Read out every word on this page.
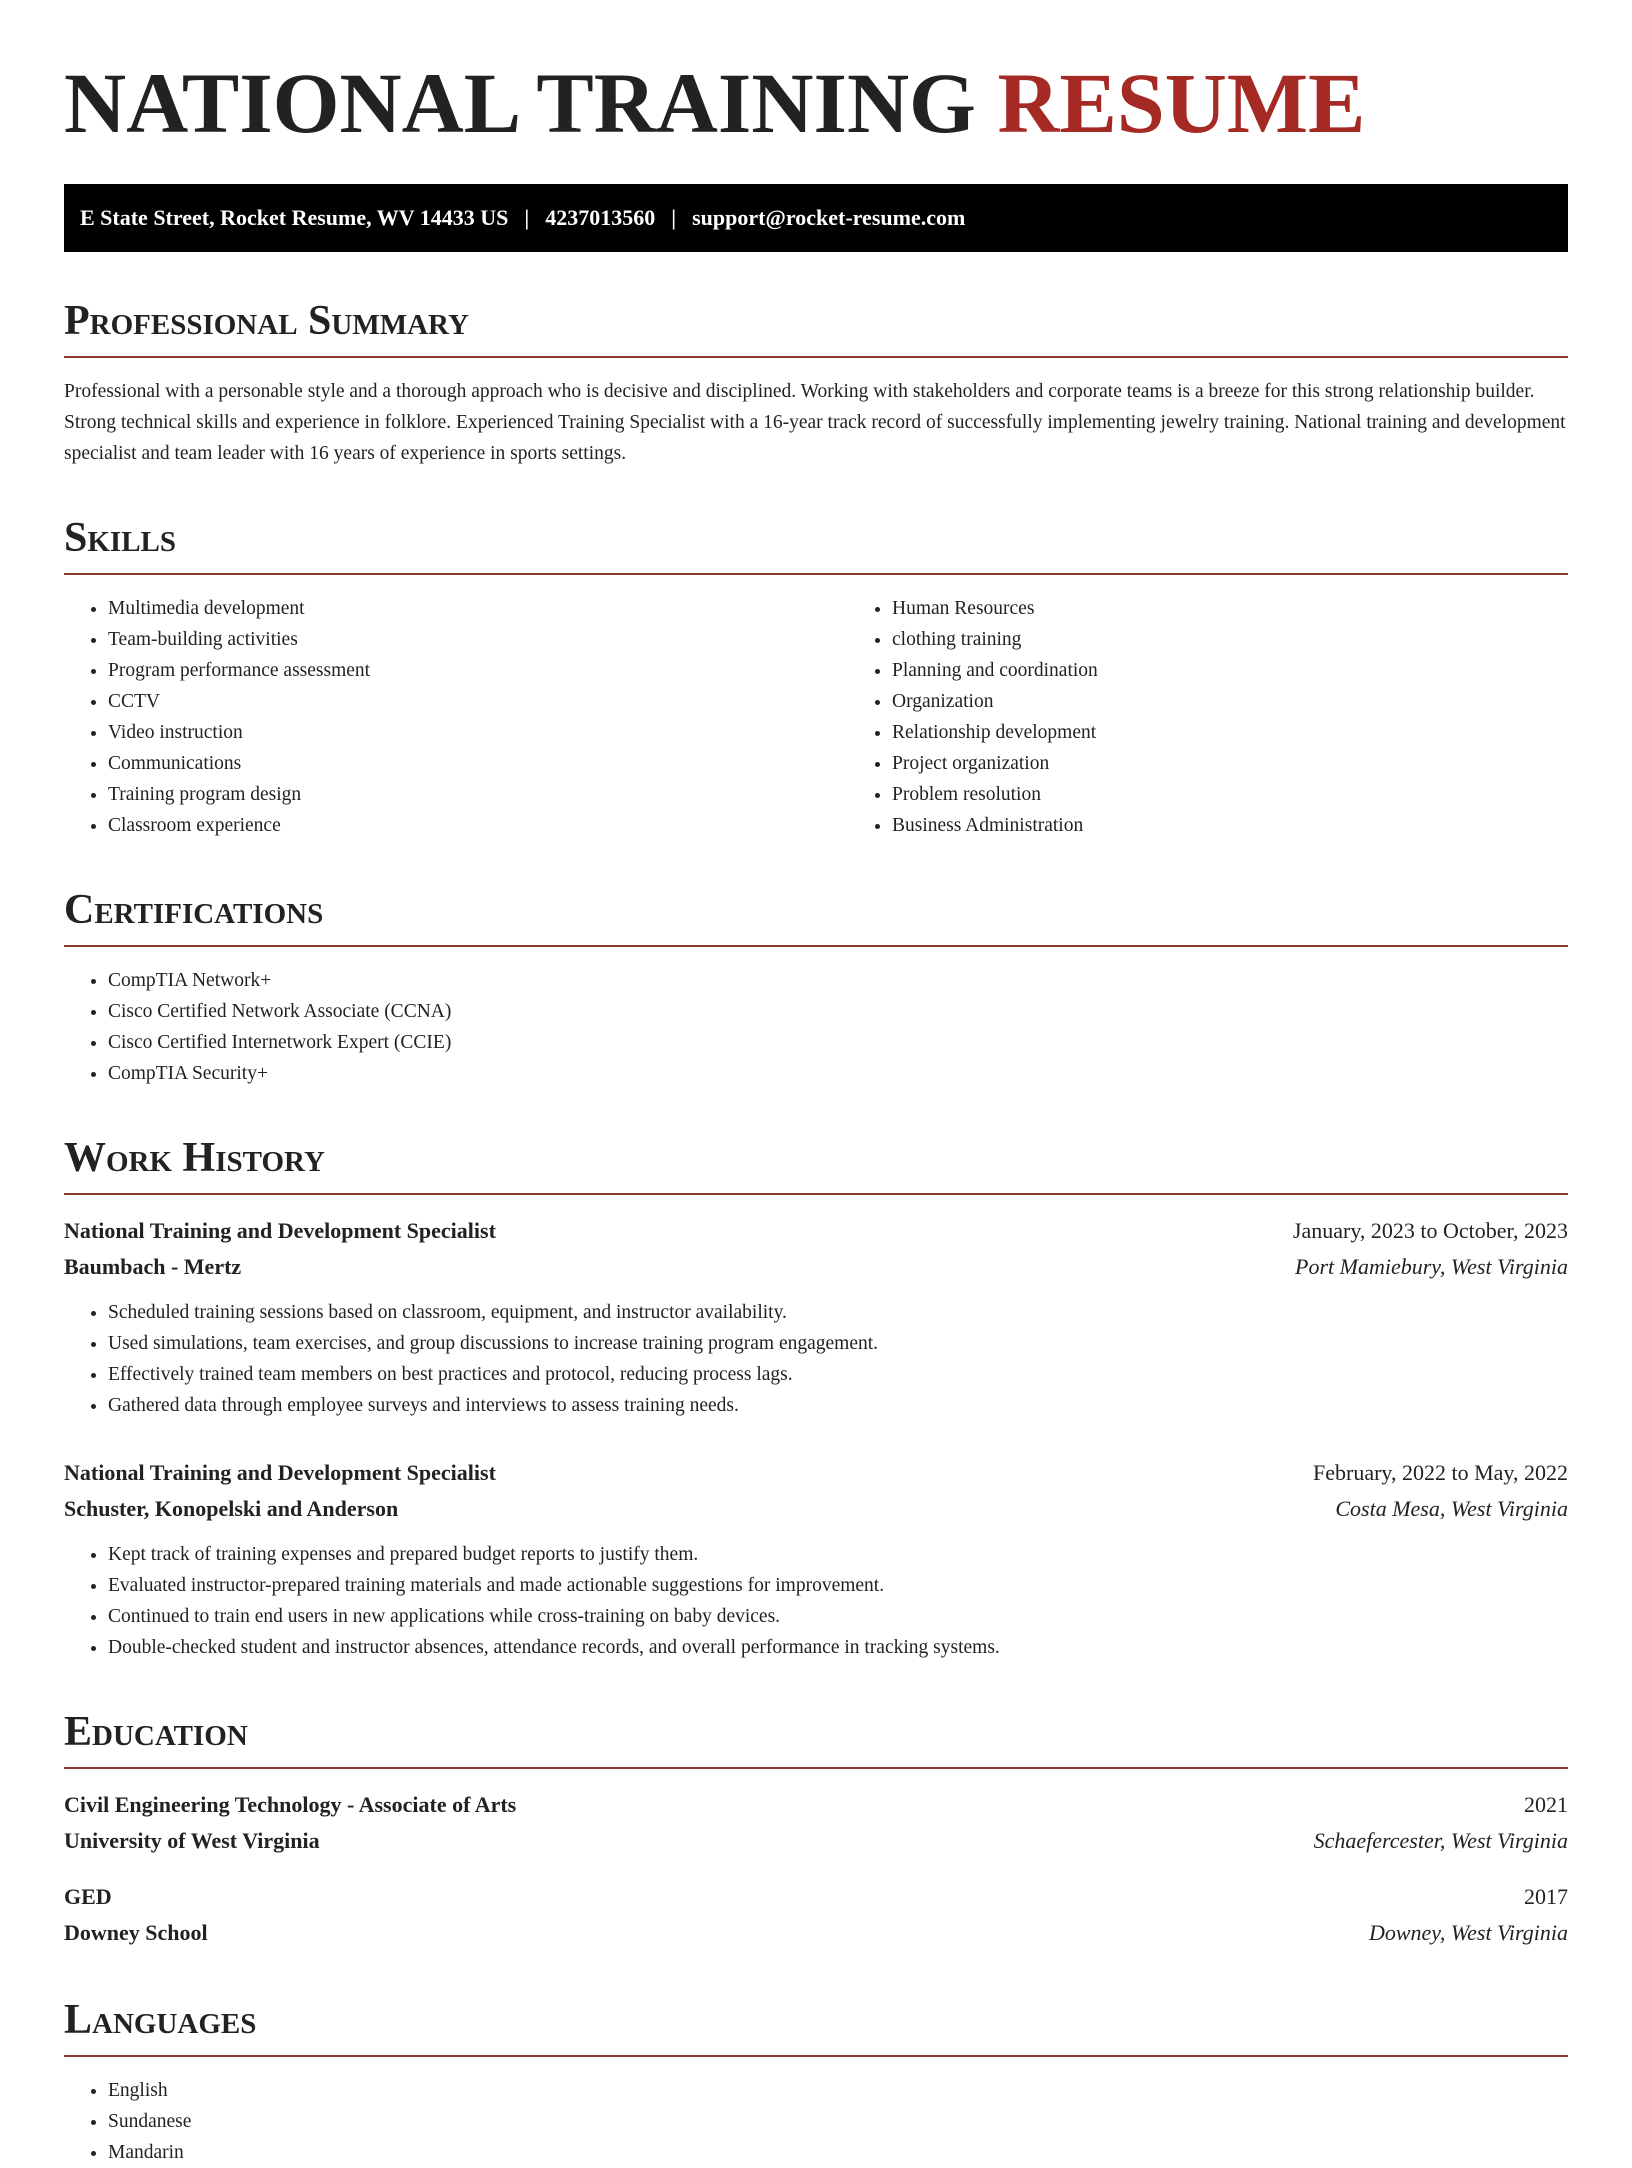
NATIONAL TRAINING RESUME
E State Street, Rocket Resume, WV 14433 US | 4237013560 | support@rocket-resume.com
Professional Summary

Professional with a personable style and a thorough approach who is decisive and disciplined. Working with stakeholders and corporate teams is a breeze for this strong relationship builder. Strong technical skills and experience in folklore. Experienced Training Specialist with a 16-year track record of successfully implementing jewelry training. National training and development specialist and team leader with 16 years of experience in sports settings.

Skills
• Multimedia development
• Team-building activities
• Program performance assessment
• CCTV
• Video instruction
• Communications
• Training program design
• Classroom experience
• Human Resources
• clothing training
• Planning and coordination
• Organization
• Relationship development
• Project organization
• Problem resolution
• Business Administration
Certifications
• CompTIA Network+
• Cisco Certified Network Associate (CCNA)
• Cisco Certified Internetwork Expert (CCIE)
• CompTIA Security+
Work History
National Training and Development Specialist	January, 2023 to October, 2023
Baumbach - Mertz	Port Mamiebury, West Virginia
• Scheduled training sessions based on classroom, equipment, and instructor availability.
• Used simulations, team exercises, and group discussions to increase training program engagement.
• Effectively trained team members on best practices and protocol, reducing process lags.
• Gathered data through employee surveys and interviews to assess training needs.
National Training and Development Specialist	February, 2022 to May, 2022
Schuster, Konopelski and Anderson	Costa Mesa, West Virginia
• Kept track of training expenses and prepared budget reports to justify them.
• Evaluated instructor-prepared training materials and made actionable suggestions for improvement.
• Continued to train end users in new applications while cross-training on baby devices.
• Double-checked student and instructor absences, attendance records, and overall performance in tracking systems.
Education
Civil Engineering Technology - Associate of Arts	2021
University of West Virginia	Schaefercester, West Virginia
GED	2017
Downey School	Downey, West Virginia
Languages
• English
• Sundanese
• Mandarin
